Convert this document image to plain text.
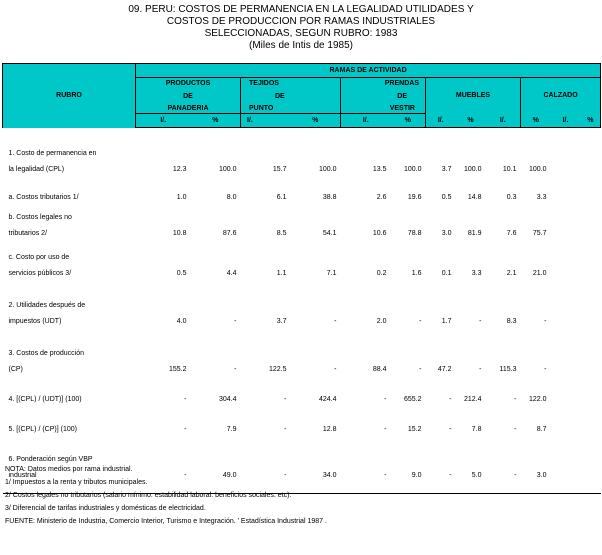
09. PERU: COSTOS DE PERMANENCIA EN LA LEGALIDAD UTILIDADES Y
COSTOS DE PRODUCCION POR RAMAS INDUSTRIALES
SELECCIONADAS, SEGUN RUBRO: 1983
(Miles de Intis de 1985)
RUBRO	RAMAS DE ACTIVIDAD											
	PRODUCTOS		TEJIDOS		PRENDAS		MUEBLES			CALZADO		
	DE		DE		DE							
	PANADERIA		PUNTO		VESTIR							
	I/.	%	I/.	%	I/.	%	I/.	%	I/.	%	I/.	%

1. Costo de permanencia en												
la legalidad (CPL)	12.3	100.0	15.7	100.0	13.5	100.0	3.7	100.0	10.1	100.0		

a. Costos tributarios 1/	1.0	8.0	6.1	38.8	2.6	19.6	0.5	14.8	0.3	3.3		

b. Costos legales no												
tributarios 2/	10.8	87.6	8.5	54.1	10.6	78.8	3.0	81.9	7.6	75.7		

c. Costo por uso de												
servicios públicos 3/	0.5	4.4	1.1	7.1	0.2	1.6	0.1	3.3	2.1	21.0		

2. Utilidades después de												
impuestos (UDT)	4.0	-	3.7	-	2.0	-	1.7	-	8.3	-		

3. Costos de producción												
(CP)	155.2	-	122.5	-	88.4	-	47.2	-	115.3	-		

4. [(CPL) / (UDT)] (100)	-	304.4	-	424.4	-	655.2	-	212.4	-	122.0		

5. [(CPL) / (CP)] (100)	-	7.9	-	12.8	-	15.2	-	7.8	-	8.7		

6. Ponderación según VBP												
industrial	-	49.0	-	34.0	-	9.0	-	5.0	-	3.0		

NOTA: Datos medios por rama industrial.
1/ Impuestos a la renta y tributos municipales.
2/ Costos legales no tributarios (salario mínimo: estabilidad laboral: beneficios sociales: etc).
3/ Diferencial de tarifas industriales y domésticas de electricidad.
FUENTE: Ministerio de Industria, Comercio Interior, Turismo e Integración. ' Estadística Industrial 1987 .
